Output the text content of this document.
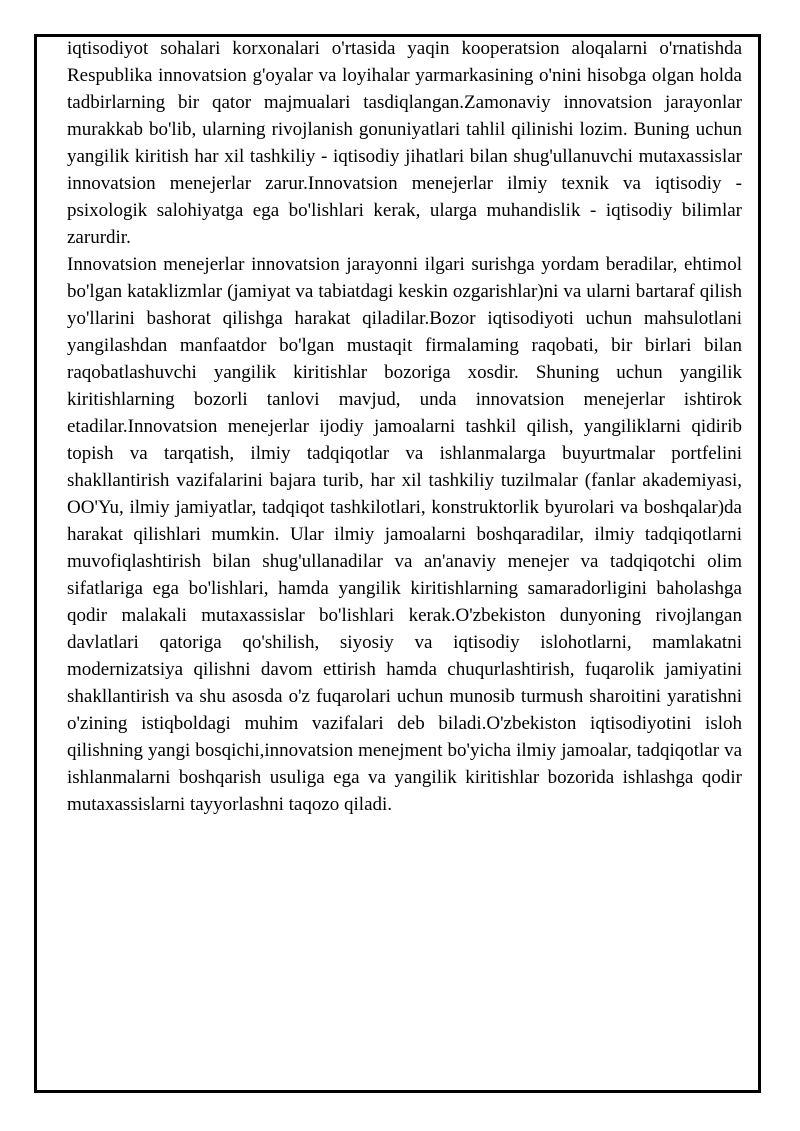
iqtisodiyot sohalari korxonalari o'rtasida yaqin kooperatsion aloqalarni o'rnatishda Respublika innovatsion g'oyalar va loyihalar yarmarkasining o'nini hisobga olgan holda tadbirlarning bir qator majmualari tasdiqlangan.Zamonaviy innovatsion jarayonlar murakkab bo'lib, ularning rivojlanish gonuniyatlari tahlil qilinishi lozim. Buning uchun yangilik kiritish har xil tashkiliy - iqtisodiy jihatlari bilan shug'ullanuvchi mutaxassislar innovatsion menejerlar zarur.Innovatsion menejerlar ilmiy texnik va iqtisodiy - psixologik salohiyatga ega bo'lishlari kerak, ularga muhandislik - iqtisodiy bilimlar zarurdir.

Innovatsion menejerlar innovatsion jarayonni ilgari surishga yordam beradilar, ehtimol bo'lgan kataklizmlar (jamiyat va tabiatdagi keskin ozgarishlar)ni va ularni bartaraf qilish yo'llarini bashorat qilishga harakat qiladilar.Bozor iqtisodiyoti uchun mahsulotlani yangilashdan manfaatdor bo'lgan mustaqit firmalaming raqobati, bir birlari bilan raqobatlashuvchi yangilik kiritishlar bozoriga xosdir. Shuning uchun yangilik kiritishlarning bozorli tanlovi mavjud, unda innovatsion menejerlar ishtirok etadilar.Innovatsion menejerlar ijodiy jamoalarni tashkil qilish, yangiliklarni qidirib topish va tarqatish, ilmiy tadqiqotlar va ishlanmalarga buyurtmalar portfelini shakllantirish vazifalarini bajara turib, har xil tashkiliy tuzilmalar (fanlar akademiyasi, OO'Yu, ilmiy jamiyatlar, tadqiqot tashkilotlari, konstruktorlik byurolari va boshqalar)da harakat qilishlari mumkin. Ular ilmiy jamoalarni boshqaradilar, ilmiy tadqiqotlarni muvofiqlashtirish bilan shug'ullanadilar va an'anaviy menejer va tadqiqotchi olim sifatlariga ega bo'lishlari, hamda yangilik kiritishlarning samaradorligini baholashga qodir malakali mutaxassislar bo'lishlari kerak.O'zbekiston dunyoning rivojlangan davlatlari qatoriga qo'shilish, siyosiy va iqtisodiy islohotlarni, mamlakatni modernizatsiya qilishni davom ettirish hamda chuqurlashtirish, fuqarolik jamiyatini shakllantirish va shu asosda o'z fuqarolari uchun munosib turmush sharoitini yaratishni o'zining istiqboldagi muhim vazifalari deb biladi.O'zbekiston iqtisodiyotini isloh qilishning yangi bosqichi,innovatsion menejment bo'yicha ilmiy jamoalar, tadqiqotlar va ishlanmalarni boshqarish usuliga ega va yangilik kiritishlar bozorida ishlashga qodir mutaxassislarni tayyorlashni taqozo qiladi.
